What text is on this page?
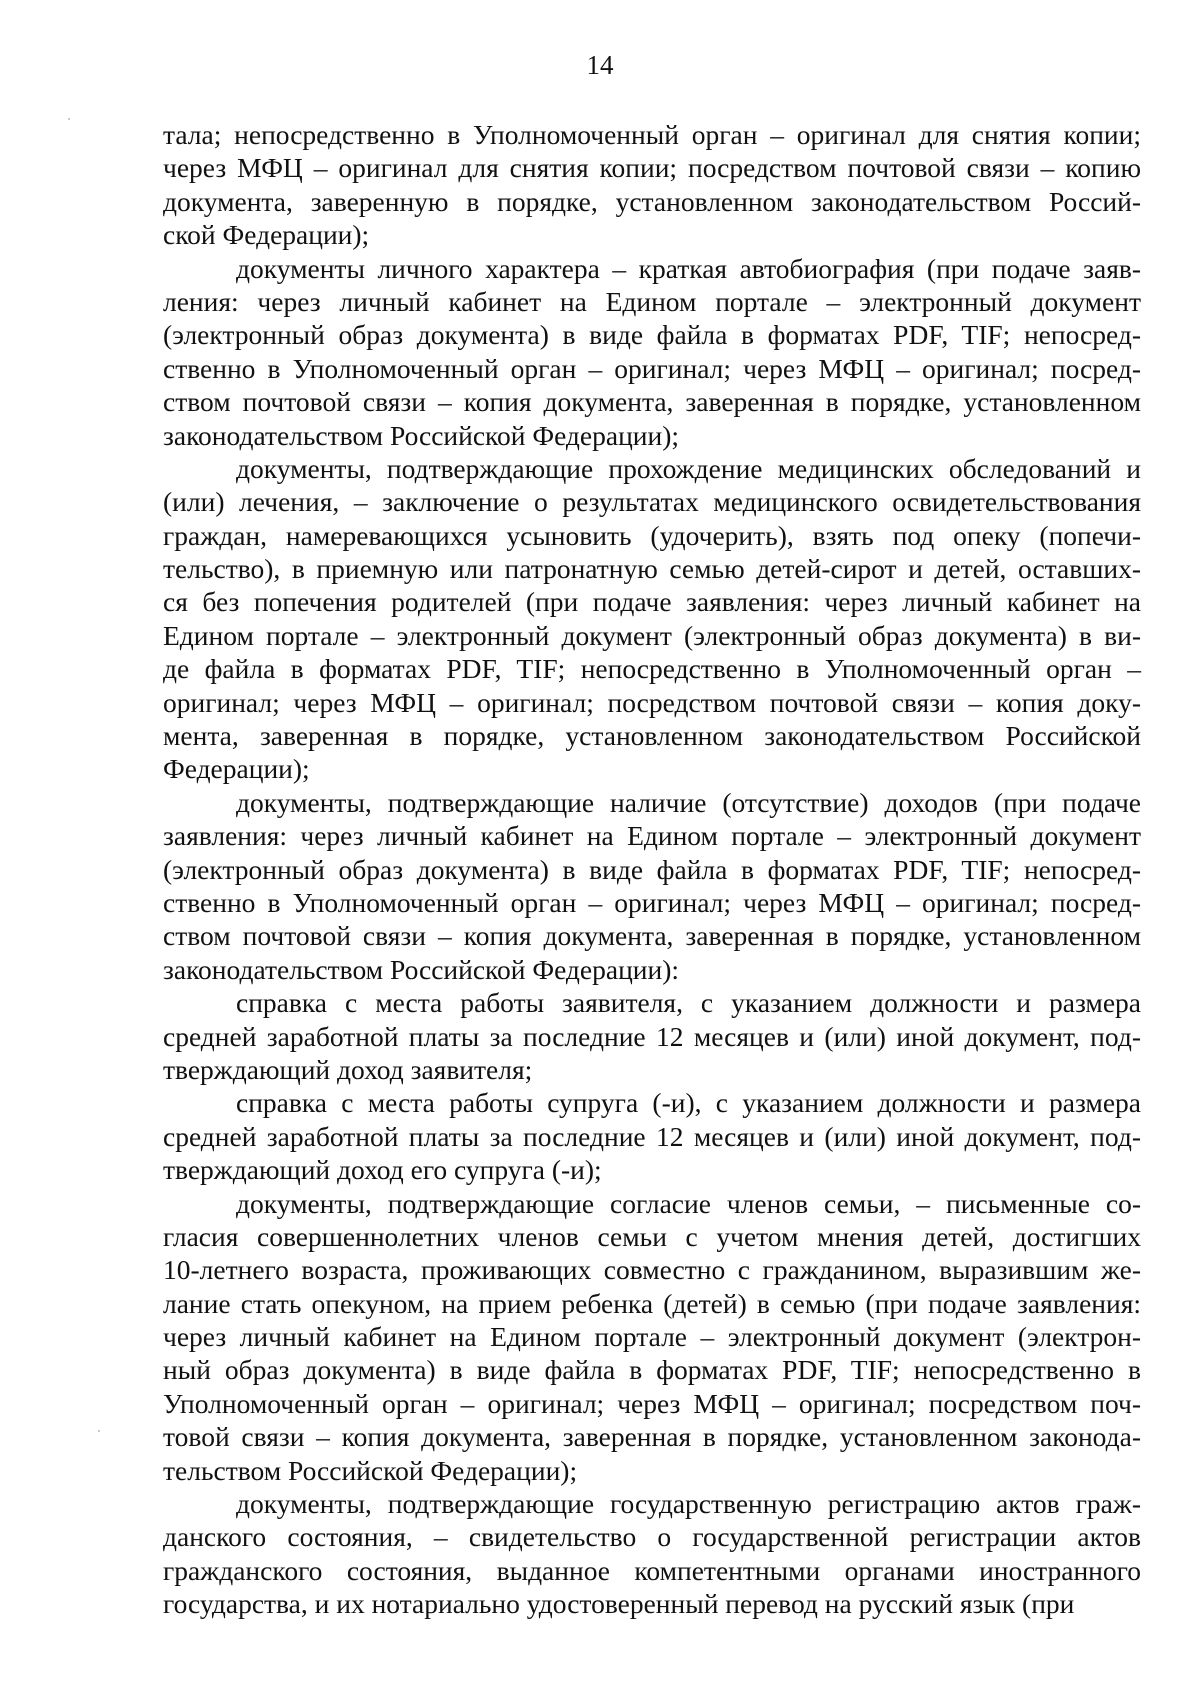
14
тала; непосредственно в Уполномоченный орган – оригинал для снятия копии;
через МФЦ – оригинал для снятия копии; посредством почтовой связи – копию
документа, заверенную в порядке, установленном законодательством Россий-
ской Федерации);
документы личного характера – краткая автобиография (при подаче заяв-
ления: через личный кабинет на Едином портале – электронный документ
(электронный образ документа) в виде файла в форматах PDF, TIF; непосред-
ственно в Уполномоченный орган – оригинал; через МФЦ – оригинал; посред-
ством почтовой связи – копия документа, заверенная в порядке, установленном
законодательством Российской Федерации);
документы, подтверждающие прохождение медицинских обследований и
(или) лечения, – заключение о результатах медицинского освидетельствования
граждан, намеревающихся усыновить (удочерить), взять под опеку (попечи-
тельство), в приемную или патронатную семью детей-сирот и детей, оставших-
ся без попечения родителей (при подаче заявления: через личный кабинет на
Едином портале – электронный документ (электронный образ документа) в ви-
де файла в форматах PDF, TIF; непосредственно в Уполномоченный орган –
оригинал; через МФЦ – оригинал; посредством почтовой связи – копия доку-
мента, заверенная в порядке, установленном законодательством Российской
Федерации);
документы, подтверждающие наличие (отсутствие) доходов (при подаче
заявления: через личный кабинет на Едином портале – электронный документ
(электронный образ документа) в виде файла в форматах PDF, TIF; непосред-
ственно в Уполномоченный орган – оригинал; через МФЦ – оригинал; посред-
ством почтовой связи – копия документа, заверенная в порядке, установленном
законодательством Российской Федерации):
справка с места работы заявителя, с указанием должности и размера
средней заработной платы за последние 12 месяцев и (или) иной документ, под-
тверждающий доход заявителя;
справка с места работы супруга (-и), с указанием должности и размера
средней заработной платы за последние 12 месяцев и (или) иной документ, под-
тверждающий доход его супруга (-и);
документы, подтверждающие согласие членов семьи, – письменные со-
гласия совершеннолетних членов семьи с учетом мнения детей, достигших
10-летнего возраста, проживающих совместно с гражданином, выразившим же-
лание стать опекуном, на прием ребенка (детей) в семью (при подаче заявления:
через личный кабинет на Едином портале – электронный документ (электрон-
ный образ документа) в виде файла в форматах PDF, TIF; непосредственно в
Уполномоченный орган – оригинал; через МФЦ – оригинал; посредством поч-
товой связи – копия документа, заверенная в порядке, установленном законода-
тельством Российской Федерации);
документы, подтверждающие государственную регистрацию актов граж-
данского состояния, – свидетельство о государственной регистрации актов
гражданского состояния, выданное компетентными органами иностранного
государства, и их нотариально удостоверенный перевод на русский язык (при
